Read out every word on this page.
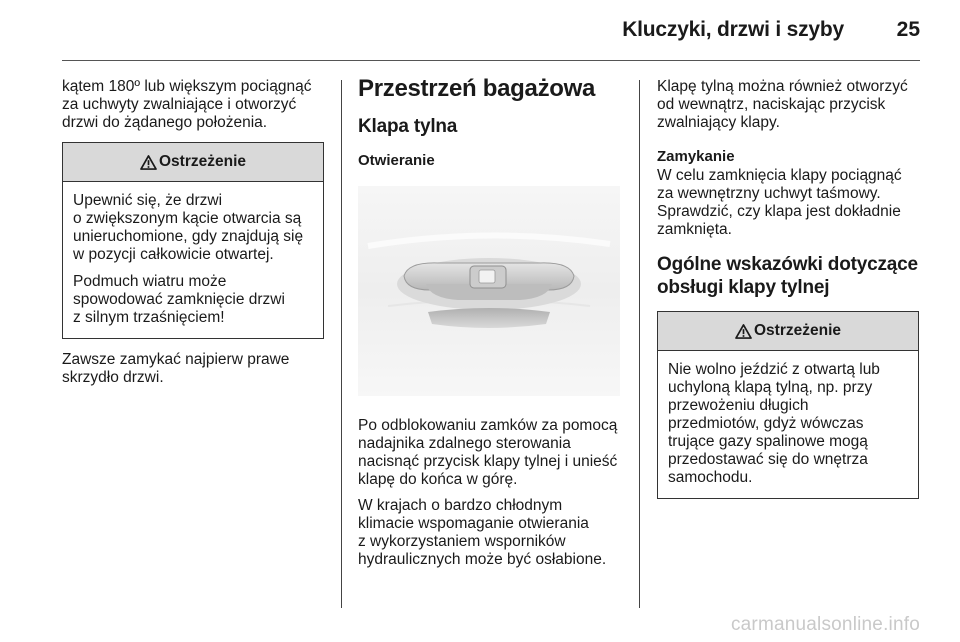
Kluczyki, drzwi i szyby	25

kątem 180º lub większym pociągnąć
za uchwyty zwalniające i otworzyć
drzwi do żądanego położenia.

Ostrzeżenie

Upewnić się, że drzwi
o zwiększonym kącie otwarcia są
unieruchomione, gdy znajdują się
w pozycji całkowicie otwartej.

Podmuch wiatru może
spowodować zamknięcie drzwi
z silnym trzaśnięciem!

Zawsze zamykać najpierw prawe
skrzydło drzwi.

Przestrzeń bagażowa
Klapa tylna
Otwieranie

Po odblokowaniu zamków za pomocą
nadajnika zdalnego sterowania
nacisnąć przycisk klapy tylnej i unieść
klapę do końca w górę.

W krajach o bardzo chłodnym
klimacie wspomaganie otwierania
z wykorzystaniem wsporników
hydraulicznych może być osłabione.

Klapę tylną można również otworzyć
od wewnątrz, naciskając przycisk
zwalniający klapy.

Zamykanie

W celu zamknięcia klapy pociągnąć
za wewnętrzny uchwyt taśmowy.
Sprawdzić, czy klapa jest dokładnie
zamknięta.

Ogólne wskazówki dotyczące
obsługi klapy tylnej
Ostrzeżenie

Nie wolno jeździć z otwartą lub
uchyloną klapą tylną, np. przy
przewożeniu długich
przedmiotów, gdyż wówczas
trujące gazy spalinowe mogą
przedostawać się do wnętrza
samochodu.

carmanualsonline.info
